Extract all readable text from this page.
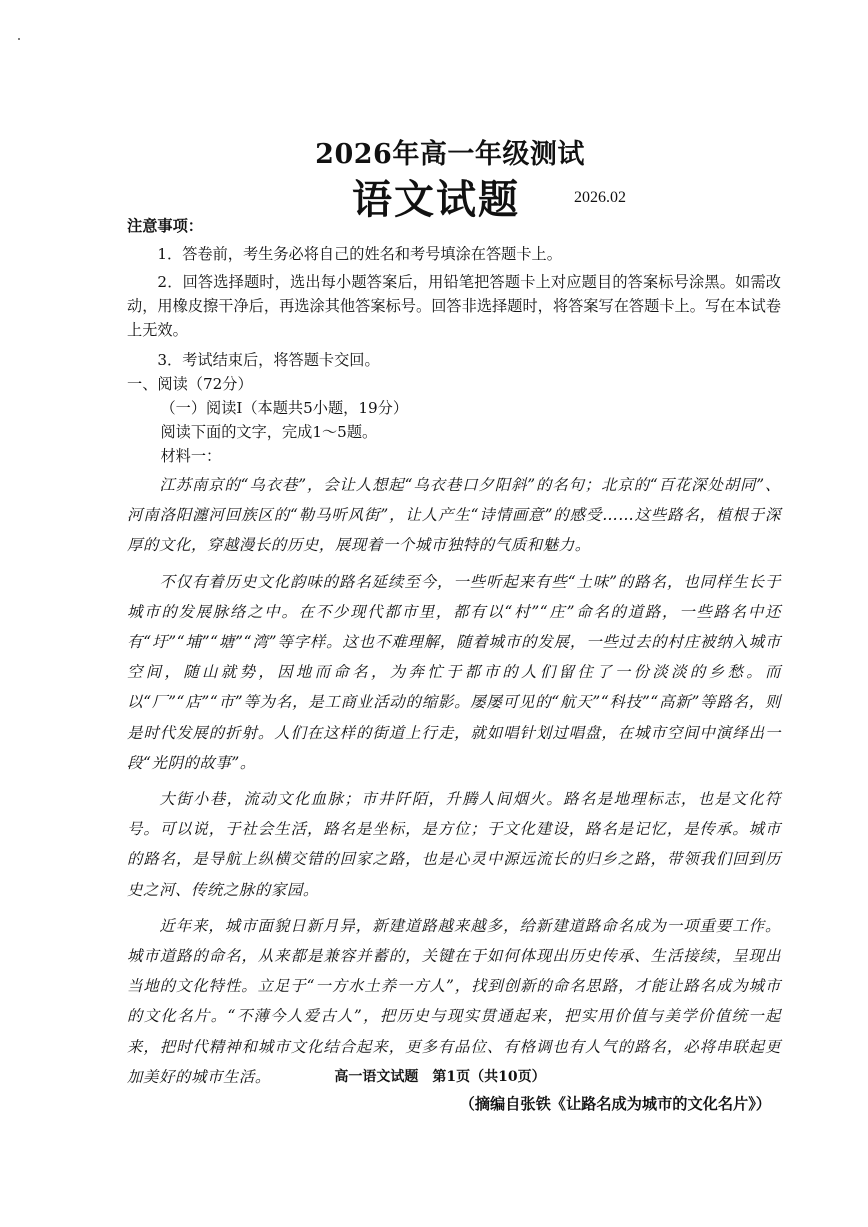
2026年高一年级测试
语文试题	2026.02

注意事项：

1．答卷前，考生务必将自己的姓名和考号填涂在答题卡上。

2．回答选择题时，选出每小题答案后，用铅笔把答题卡上对应题目的答案标号涂黑。如需改动，用橡皮擦干净后，再选涂其他答案标号。回答非选择题时，将答案写在答题卡上。写在本试卷上无效。

3．考试结束后，将答题卡交回。

一、阅读（72分）

（一）阅读Ⅰ（本题共5小题，19分）

阅读下面的文字，完成1～5题。

材料一：

江苏南京的“乌衣巷”，会让人想起“乌衣巷口夕阳斜”的名句；北京的“百花深处胡同”、河南洛阳瀍河回族区的“勒马听风街”，让人产生“诗情画意”的感受……这些路名，植根于深厚的文化，穿越漫长的历史，展现着一个城市独特的气质和魅力。

不仅有着历史文化韵味的路名延续至今，一些听起来有些“土味”的路名，也同样生长于城市的发展脉络之中。在不少现代都市里，都有以“村”“庄”命名的道路，一些路名中还有“圩”“埔”“塘”“湾”等字样。这也不难理解，随着城市的发展，一些过去的村庄被纳入城市空间，随山就势，因地而命名，为奔忙于都市的人们留住了一份淡淡的乡愁。而以“厂”“店”“市”等为名，是工商业活动的缩影。屡屡可见的“航天”“科技”“高新”等路名，则是时代发展的折射。人们在这样的街道上行走，就如唱针划过唱盘，在城市空间中演绎出一段“光阴的故事”。

大街小巷，流动文化血脉；市井阡陌，升腾人间烟火。路名是地理标志，也是文化符号。可以说，于社会生活，路名是坐标，是方位；于文化建设，路名是记忆，是传承。城市的路名，是导航上纵横交错的回家之路，也是心灵中源远流长的归乡之路，带领我们回到历史之河、传统之脉的家园。

近年来，城市面貌日新月异，新建道路越来越多，给新建道路命名成为一项重要工作。城市道路的命名，从来都是兼容并蓄的，关键在于如何体现出历史传承、生活接续，呈现出当地的文化特性。立足于“一方水土养一方人”，找到创新的命名思路，才能让路名成为城市的文化名片。“不薄今人爱古人”，把历史与现实贯通起来，把实用价值与美学价值统一起来，把时代精神和城市文化结合起来，更多有品位、有格调也有人气的路名，必将串联起更加美好的城市生活。

（摘编自张铁《让路名成为城市的文化名片》）

高一语文试题　第1页（共10页）
